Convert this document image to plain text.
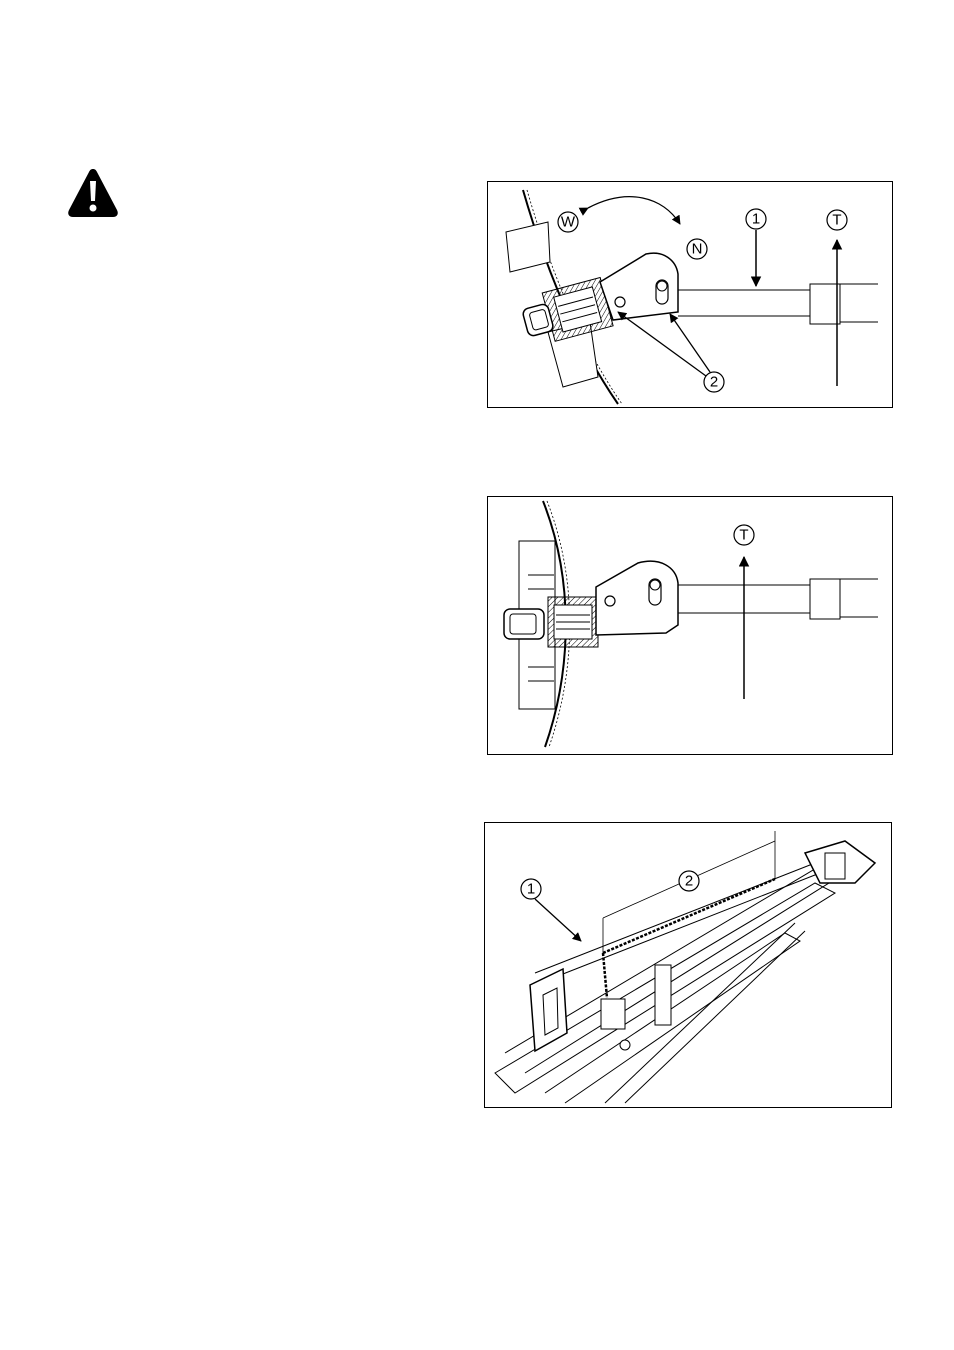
W
N
1	T
2
T
1	2
